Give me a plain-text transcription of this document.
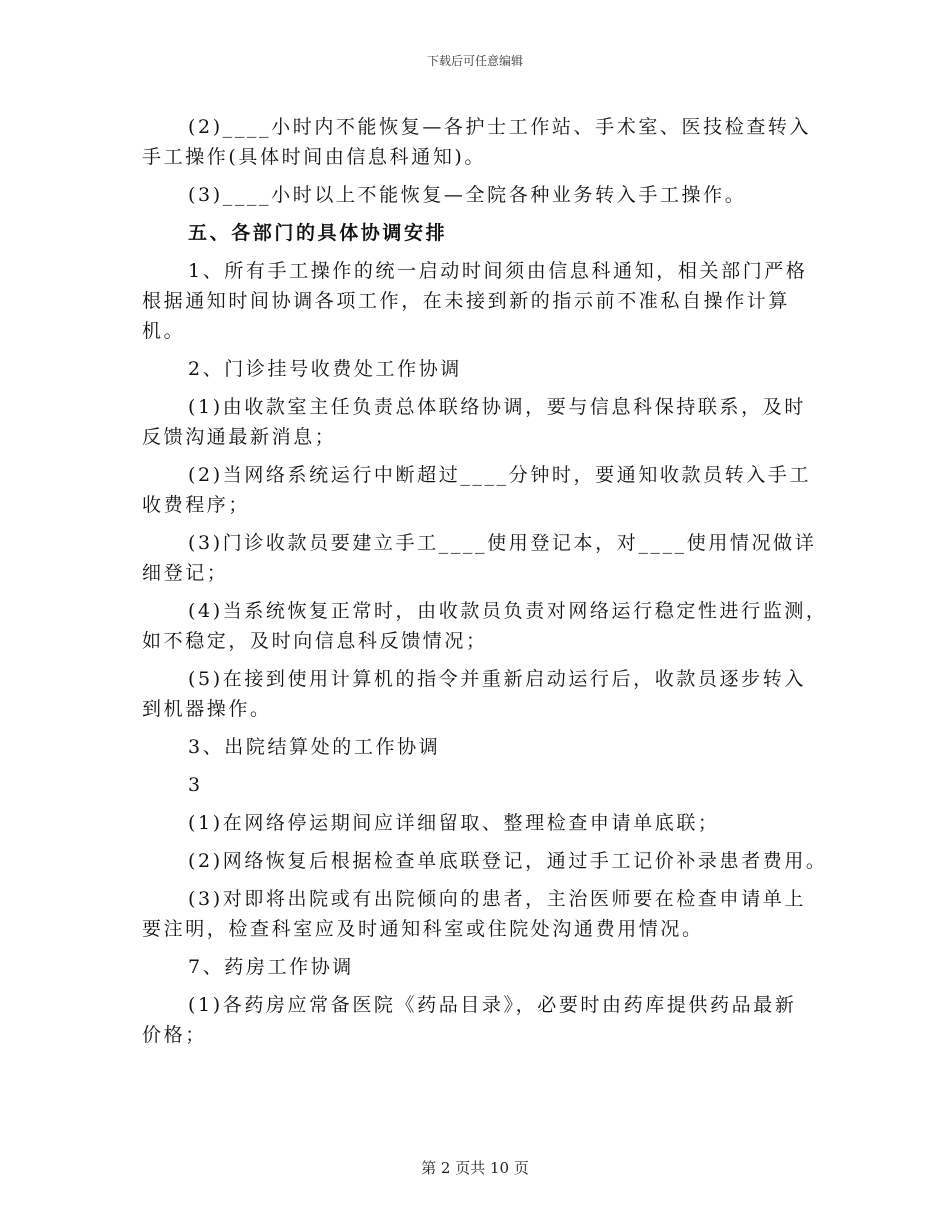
下载后可任意编辑
(2)____小时内不能恢复—各护士工作站、手术室、医技检查转入
手工操作(具体时间由信息科通知)。
(3)____小时以上不能恢复—全院各种业务转入手工操作。
五、各部门的具体协调安排
1、所有手工操作的统一启动时间须由信息科通知，相关部门严格
根据通知时间协调各项工作，在未接到新的指示前不准私自操作计算
机。
2、门诊挂号收费处工作协调
(1)由收款室主任负责总体联络协调，要与信息科保持联系，及时
反馈沟通最新消息；
(2)当网络系统运行中断超过____分钟时，要通知收款员转入手工
收费程序；
(3)门诊收款员要建立手工____使用登记本，对____使用情况做详
细登记；
(4)当系统恢复正常时，由收款员负责对网络运行稳定性进行监测，
如不稳定，及时向信息科反馈情况；
(5)在接到使用计算机的指令并重新启动运行后，收款员逐步转入
到机器操作。
3、出院结算处的工作协调
3
(1)在网络停运期间应详细留取、整理检查申请单底联；
(2)网络恢复后根据检查单底联登记，通过手工记价补录患者费用。
(3)对即将出院或有出院倾向的患者，主治医师要在检查申请单上
要注明，检查科室应及时通知科室或住院处沟通费用情况。
7、药房工作协调
(1)各药房应常备医院《药品目录》，必要时由药库提供药品最新
价格；
第 2 页共 10 页
